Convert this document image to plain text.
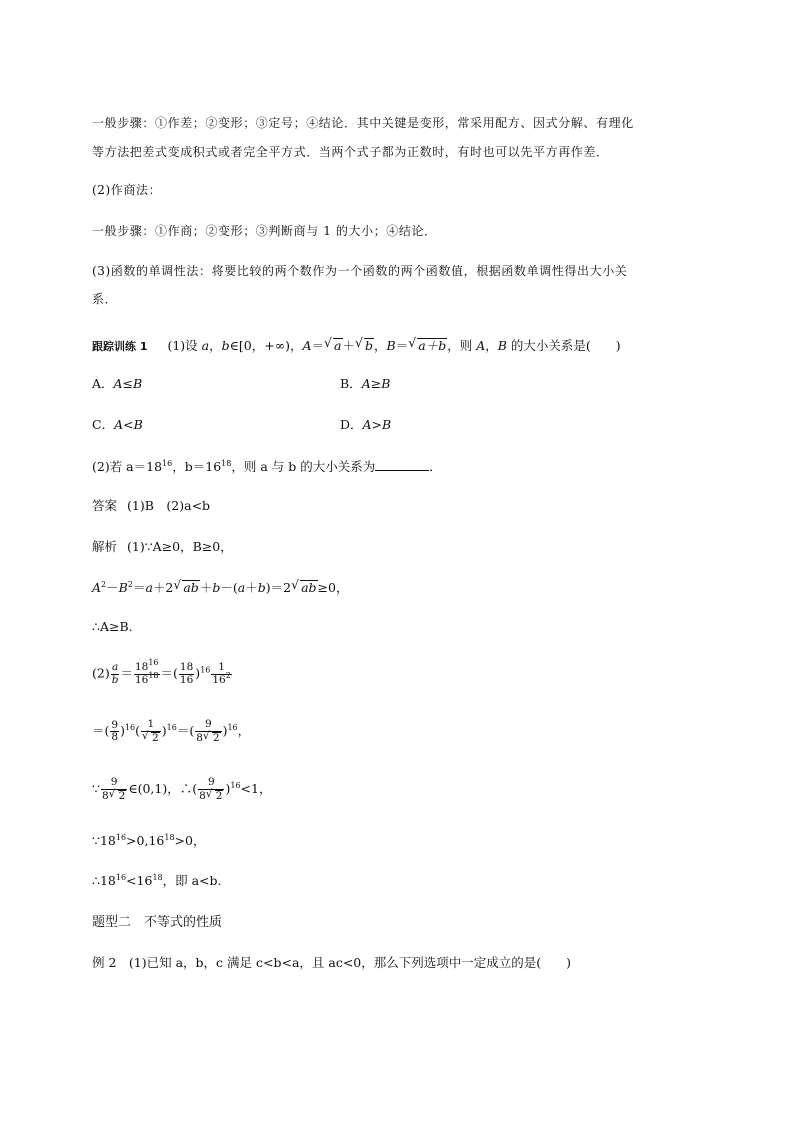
一般步骤：①作差；②变形；③定号；④结论．其中关键是变形，常采用配方、因式分解、有理化
等方法把差式变成积式或者完全平方式．当两个式子都为正数时，有时也可以先平方再作差．
(2)作商法：
一般步骤：①作商；②变形；③判断商与 1 的大小；④结论．
(3)函数的单调性法：将要比较的两个数作为一个函数的两个函数值，根据函数单调性得出大小关
系．
跟踪训练 1 (1)设 a，b∈[0，+∞)，A＝√ a＋√ b，B＝√ a＋b，则 A，B 的大小关系是(　　)
A．A≤B	B．A≥B
C．A<B	D．A>B
(2)若 $a=18^{16}$，$b=16^{18}$，则 a 与 b 的大小关系为	．
答案 (1)B　(2)a<b
解析 (1)∵A≥0，B≥0，
$A^2-B^2=a+2√$ ab＋b－(a＋b)＝2√ ab≥0，
∴A≥B.
$(2) \frac{a}{b} = \frac{18^{16}}{16^{18}}$ ＝( $\frac{18}{16} )^{16} \frac{1}{16^2}$
＝( $\frac{9}{8} )^{16}$( 1
√ 2 )$^{16}=( \frac{9}{8√ 2} )^{16}$，
∵ $\frac{9}{8√ 2}$ ∈(0,1)，∴( $\frac{9}{8√ 2} )^{16}<1$，
$\because 18^{16}>0,16^{18}>0$，
$\therefore 18^{16}<16^{18}$，即 a<b.
题型二　不等式的性质
例 2　(1)已知 a，b，c 满足 c<b<a，且 ac<0，那么下列选项中一定成立的是(　　)
